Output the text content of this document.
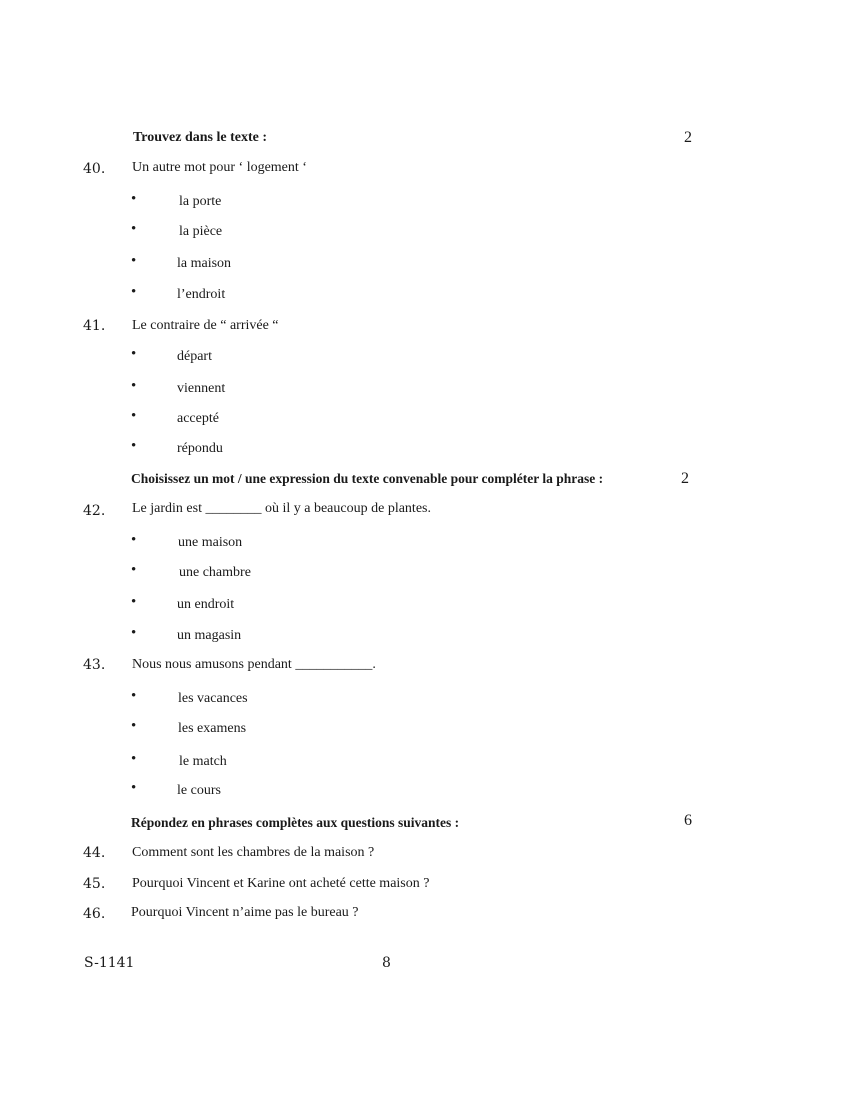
Trouvez dans le texte :	2
40. Un autre mot pour ‘ logement ‘
•	la porte
•	la pièce
•	la maison
•	l’endroit
41. Le contraire de “ arrivée “
•	départ
•	viennent
•	accepté
•	répondu
Choisissez un mot / une expression du texte convenable pour compléter la phrase :	2
42. Le jardin est ________ où il y a beaucoup de plantes.
•	une maison
•	une chambre
•	un endroit
•	un magasin
43. Nous nous amusons pendant ___________.
•	les vacances
•	les examens
•	le match
•	le cours
Répondez en phrases complètes aux questions suivantes :	6
44. Comment sont les chambres de la maison ?
45. Pourquoi Vincent et Karine ont acheté cette maison ?
46. Pourquoi Vincent n’aime pas le bureau ?
S-1141	8
